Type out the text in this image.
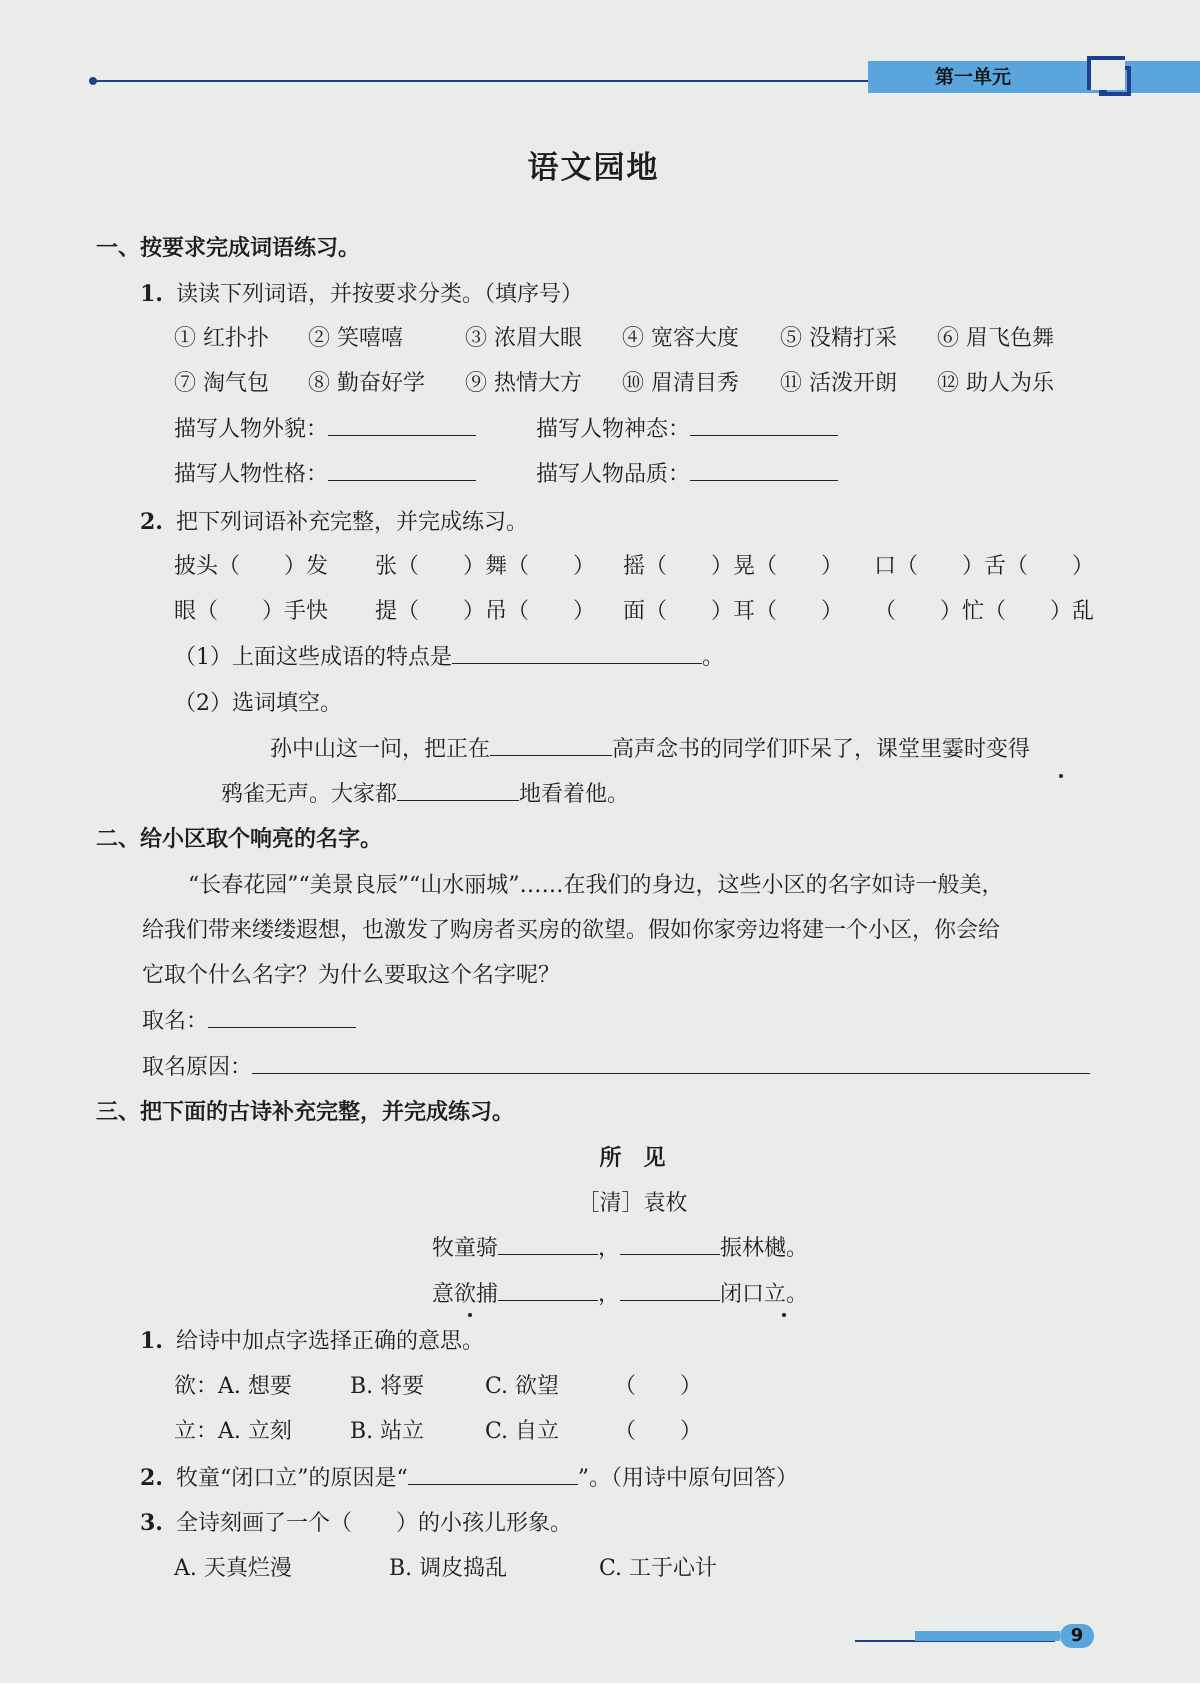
第一单元
语文园地
一、按要求完成词语练习。
1. 读读下列词语，并按要求分类。（填序号）
① 红扑扑 ② 笑嘻嘻	③ 浓眉大眼 ④ 宽容大度 ⑤ 没精打采 ⑥ 眉飞色舞
⑦ 淘气包 ⑧ 勤奋好学 ⑨ 热情大方 ⑩ 眉清目秀 ⑪ 活泼开朗 ⑫ 助人为乐
描写人物外貌：	描写人物神态：
描写人物性格：	描写人物品质：
2. 把下列词语补充完整，并完成练习。
披头（　　）发 张（　　）舞（　　） 摇（　　）晃（　　） 口（　　）舌（　　）
眼（　　）手快 提（　　）吊（　　） 面（　　）耳（　　） （　　）忙（　　）乱
（1）上面这些成语的特点是	。
（2）选词填空。
孙中山这一问，把正在	高声念书的同学们吓呆了，课堂里霎时变得
鸦雀无声。大家都	地看着他。
二、给小区取个响亮的名字。
“长春花园”“美景良辰”“山水丽城”……在我们的身边，这些小区的名字如诗一般美，
给我们带来缕缕遐想，也激发了购房者买房的欲望。假如你家旁边将建一个小区，你会给
它取个什么名字？为什么要取这个名字呢？
取名：
取名原因：
三、把下面的古诗补充完整，并完成练习。
所　见
［清］袁枚
牧童骑	，	振林樾。
意欲捕	，	闭口立。
1. 给诗中加点字选择正确的意思。
欲：A. 想要	B. 将要	C. 欲望 （　　）
立：A. 立刻	B. 站立	C. 自立 （　　）
2. 牧童“闭口立”的原因是“	”。（用诗中原句回答）
3. 全诗刻画了一个（　　）的小孩儿形象。
A. 天真烂漫	B. 调皮捣乱	C. 工于心计
9
